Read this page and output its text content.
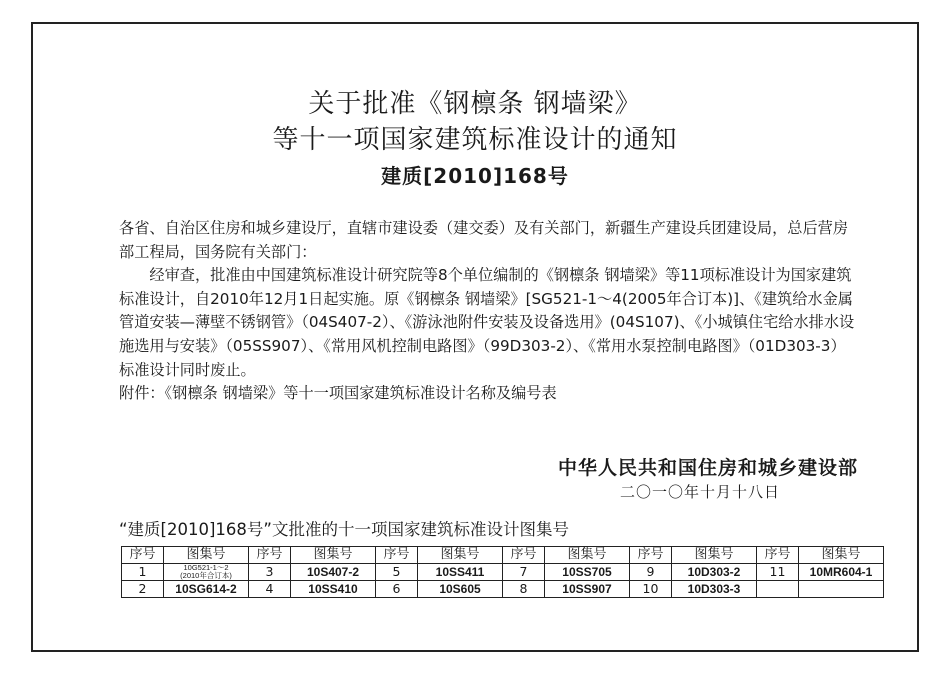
关于批准《钢檩条 钢墙梁》
等十一项国家建筑标准设计的通知
建质[2010]168号

各省、自治区住房和城乡建设厅，直辖市建设委（建交委）及有关部门，新疆生产建设兵团建设局，总后营房部工程局，国务院有关部门：

经审查，批准由中国建筑标准设计研究院等8个单位编制的《钢檩条 钢墙梁》等11项标准设计为国家建筑标准设计，自2010年12月1日起实施。原《钢檩条 钢墙梁》[SG521-1～4(2005年合订本)]、《建筑给水金属管道安装—薄壁不锈钢管》（04S407-2）、《游泳池附件安装及设备选用》(04S107)、《小城镇住宅给水排水设施选用与安装》（05SS907）、《常用风机控制电路图》（99D303-2）、《常用水泵控制电路图》（01D303-3）标准设计同时废止。

附件：《钢檩条 钢墙梁》等十一项国家建筑标准设计名称及编号表

中华人民共和国住房和城乡建设部
二〇一〇年十月十八日
“建质[2010]168号”文批准的十一项国家建筑标准设计图集号
序号	图集号	序号	图集号	序号	图集号	序号	图集号	序号	图集号	序号	图集号
1	10G521-1～2
(2010年合订本)	3	10S407-2	5	10SS411	7	10SS705	9	10D303-2	11	10MR604-1
2	10SG614-2	4	10SS410	6	10S605	8	10SS907	10	10D303-3		
